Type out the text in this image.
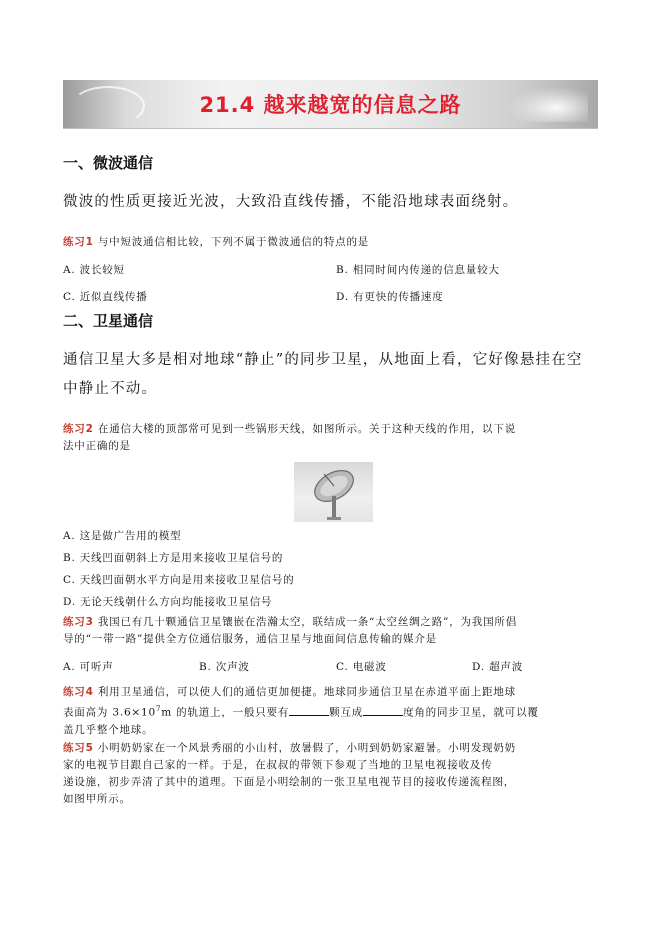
21.4 越来越宽的信息之路
一、微波通信
微波的性质更接近光波，大致沿直线传播，不能沿地球表面绕射。
练习1 与中短波通信相比较，下列不属于微波通信的特点的是
A. 波长较短	B. 相同时间内传递的信息量较大
C. 近似直线传播	D. 有更快的传播速度
二、卫星通信
通信卫星大多是相对地球“静止”的同步卫星，从地面上看，它好像悬挂在空
中静止不动。
练习2 在通信大楼的顶部常可见到一些锅形天线，如图所示。关于这种天线的作用，以下说
法中正确的是
A. 这是做广告用的模型
B. 天线凹面朝斜上方是用来接收卫星信号的
C. 天线凹面朝水平方向是用来接收卫星信号的
D. 无论天线朝什么方向均能接收卫星信号
练习3 我国已有几十颗通信卫星镶嵌在浩瀚太空，联结成一条“太空丝绸之路”，为我国所倡
导的“一带一路”提供全方位通信服务，通信卫星与地面间信息传输的媒介是
A. 可听声	B. 次声波	C. 电磁波	D. 超声波
练习4 利用卫星通信，可以使人们的通信更加便捷。地球同步通信卫星在赤道平面上距地球
表面高为 $3.6\times 10^7m$ 的轨道上，一般只要有	颗互成	度角的同步卫星，就可以覆
盖几乎整个地球。
练习5 小明奶奶家在一个风景秀丽的小山村，放暑假了，小明到奶奶家避暑。小明发现奶奶
家的电视节目跟自己家的一样。于是，在叔叔的带领下参观了当地的卫星电视接收及传
递设施，初步弄清了其中的道理。下面是小明绘制的一张卫星电视节目的接收传递流程图，
如图甲所示。
